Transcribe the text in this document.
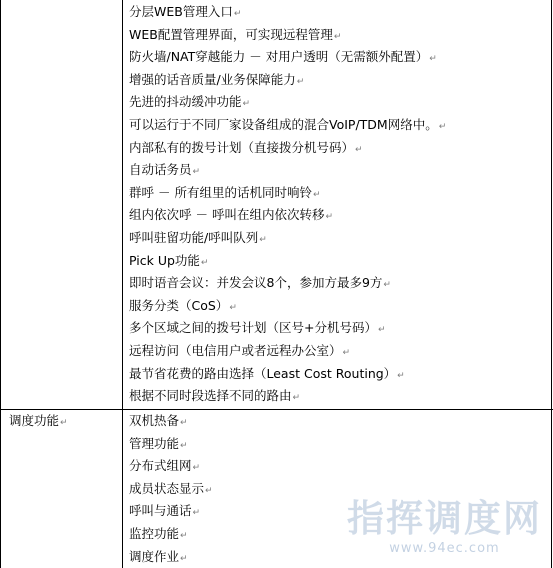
分层WEB管理入口↵
WEB配置管理界面，可实现远程管理↵
防火墙/NAT穿越能力 － 对用户透明（无需额外配置）↵
增强的话音质量/业务保障能力↵
先进的抖动缓冲功能↵
可以运行于不同厂家设备组成的混合VoIP/TDM网络中。↵
内部私有的拨号计划（直接拨分机号码）↵
自动话务员↵
群呼 － 所有组里的话机同时响铃↵
组内依次呼 － 呼叫在组内依次转移↵
呼叫驻留功能/呼叫队列↵
Pick Up功能↵
即时语音会议：并发会议8个，参加方最多9方↵
服务分类（CoS）↵
多个区域之间的拨号计划（区号+分机号码）↵
远程访问（电信用户或者远程办公室）↵
最节省花费的路由选择（Least Cost Routing）↵
根据不同时段选择不同的路由↵
调度功能↵	双机热备↵
管理功能↵
分布式组网↵
成员状态显示↵
呼叫与通话↵
监控功能↵
调度作业↵
指挥调度网
www.94ec.com
